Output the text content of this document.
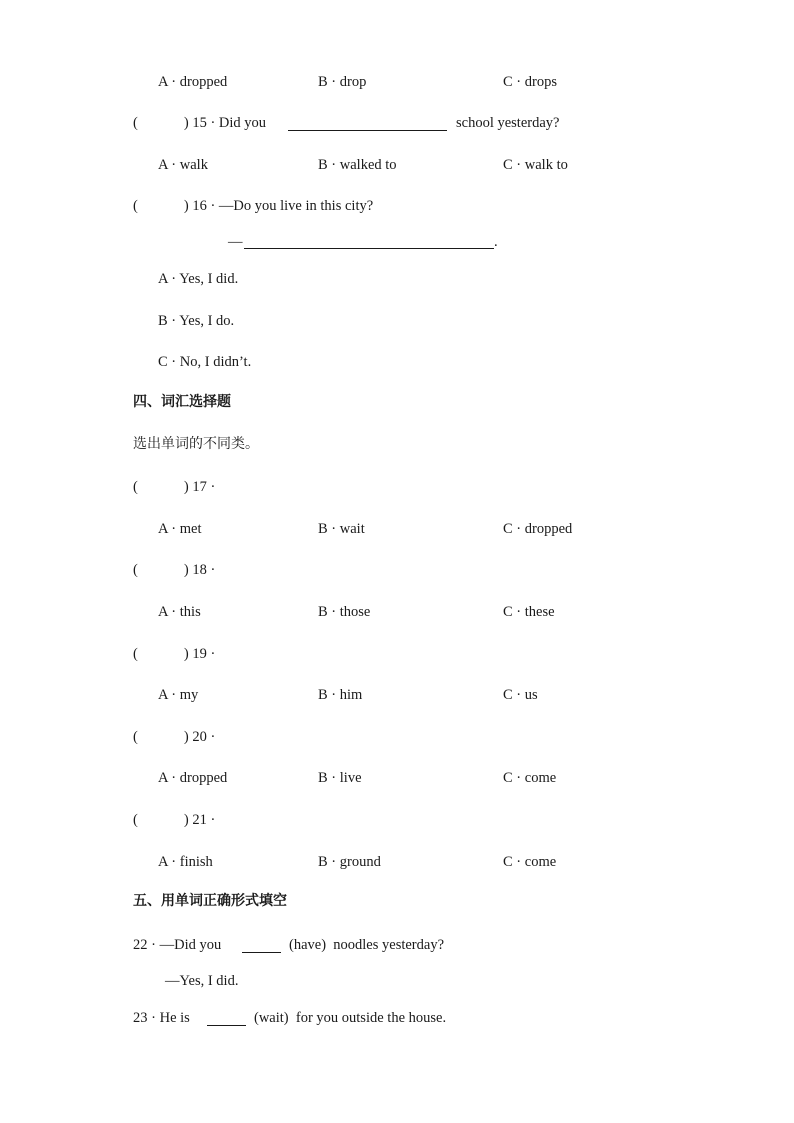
A · dropped	B · drop	C · drops
(	) 15 · Did you	school yesterday?
A · walk	B · walked to	C · walk to
(	) 16 · —Do you live in this city?
—	.
A · Yes, I did.
B · Yes, I do.
C · No, I didn’t.
四、词汇选择题
选出单词的不同类。
(	) 17 ·
A · met	B · wait	C · dropped
(	) 18 ·
A · this	B · those	C · these
(	) 19 ·
A · my	B · him	C · us
(	) 20 ·
A · dropped	B · live	C · come
(	) 21 ·
A · finish	B · ground	C · come
五、用单词正确形式填空
22 · —Did you	(have) noodles yesterday?
—Yes, I did.
23 · He is	(wait) for you outside the house.
